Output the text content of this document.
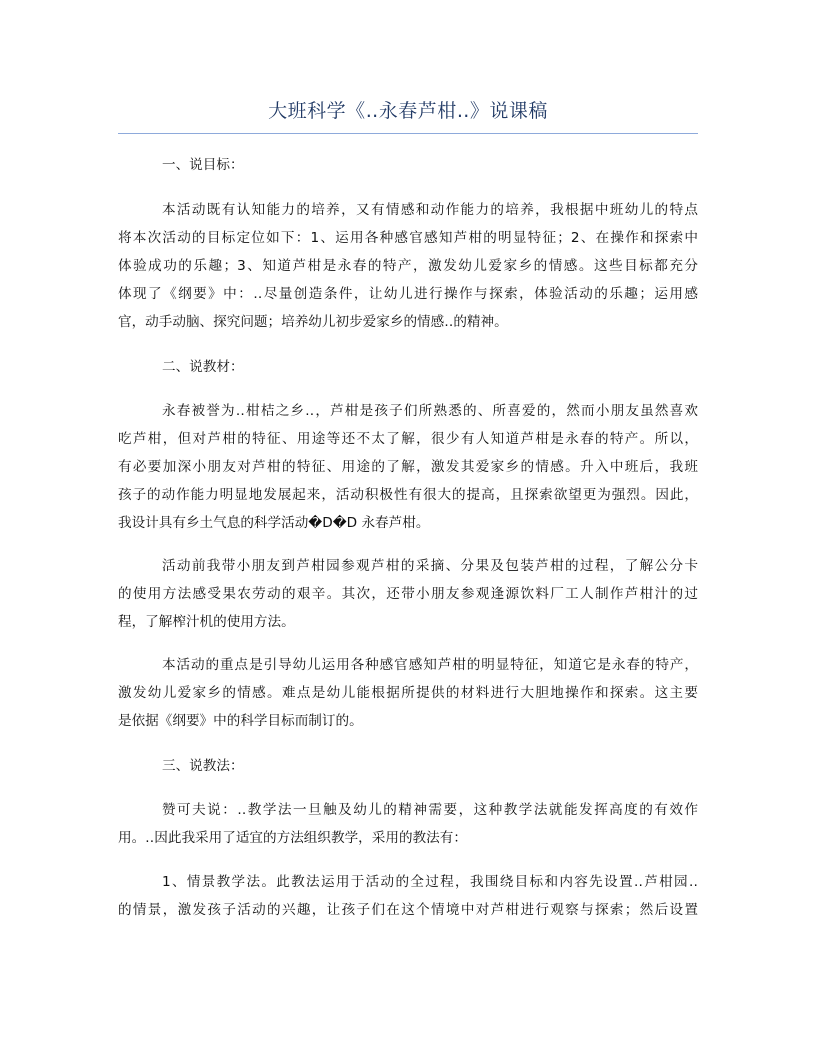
大班科学《‥永春芦柑‥》说课稿
一、说目标：
本活动既有认知能力的培养，又有情感和动作能力的培养，我根据中班幼儿的特点
将本次活动的目标定位如下：1、运用各种感官感知芦柑的明显特征；2、在操作和探索中
体验成功的乐趣；3、知道芦柑是永春的特产，激发幼儿爱家乡的情感。这些目标都充分
体现了《纲要》中：‥尽量创造条件，让幼儿进行操作与探索，体验活动的乐趣；运用感
官，动手动脑、探究问题；培养幼儿初步爱家乡的情感‥的精神。
二、说教材：
永春被誉为‥柑桔之乡‥，芦柑是孩子们所熟悉的、所喜爱的，然而小朋友虽然喜欢
吃芦柑，但对芦柑的特征、用途等还不太了解，很少有人知道芦柑是永春的特产。所以，
有必要加深小朋友对芦柑的特征、用途的了解，激发其爱家乡的情感。升入中班后，我班
孩子的动作能力明显地发展起来，活动积极性有很大的提高，且探索欲望更为强烈。因此，
我设计具有乡土气息的科学活动�D�D 永春芦柑。
活动前我带小朋友到芦柑园参观芦柑的采摘、分果及包装芦柑的过程，了解公分卡
的使用方法感受果农劳动的艰辛。其次，还带小朋友参观逢源饮料厂工人制作芦柑汁的过
程，了解榨汁机的使用方法。
本活动的重点是引导幼儿运用各种感官感知芦柑的明显特征，知道它是永春的特产，
激发幼儿爱家乡的情感。难点是幼儿能根据所提供的材料进行大胆地操作和探索。这主要
是依据《纲要》中的科学目标而制订的。
三、说教法：
赞可夫说：‥教学法一旦触及幼儿的精神需要，这种教学法就能发挥高度的有效作
用。‥因此我采用了适宜的方法组织教学，采用的教法有：
1、情景教学法。此教法运用于活动的全过程，我围绕目标和内容先设置‥芦柑园‥
的情景，激发孩子活动的兴趣，让孩子们在这个情境中对芦柑进行观察与探索；然后设置
